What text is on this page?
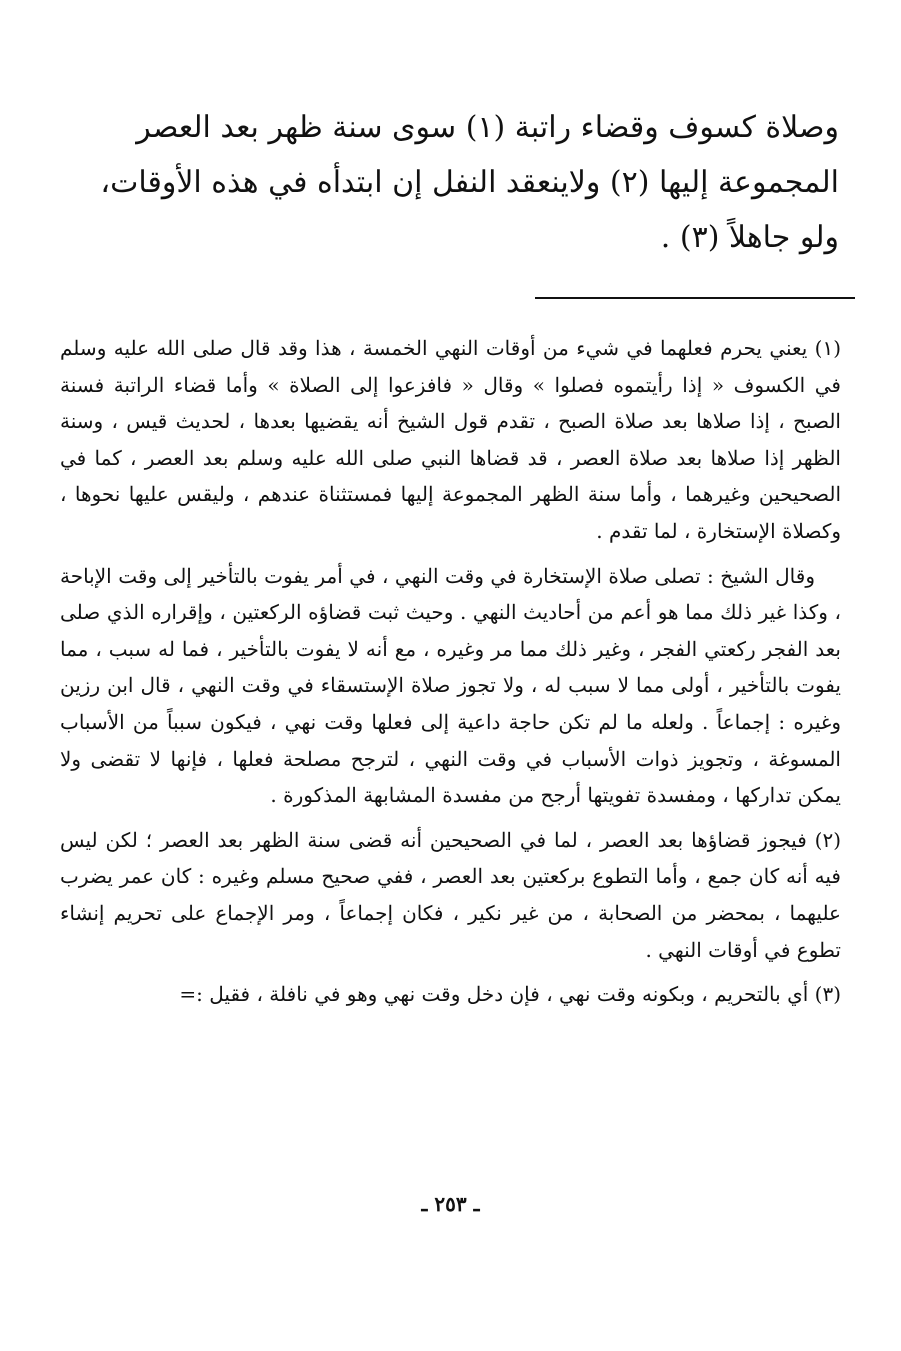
وصلاة كسوف وقضاء راتبة (١) سوى سنة ظهر بعد العصر

المجموعة إليها (٢) ولاينعقد النفل إن ابتدأه في هذه الأوقات،

ولو جاهلاً (٣) .

(١) يعني يحرم فعلهما في شيء من أوقات النهي الخمسة ، هذا وقد قال صلى الله عليه وسلم في الكسوف « إذا رأيتموه فصلوا » وقال « فافزعوا إلى الصلاة » وأما قضاء الراتبة فسنة الصبح ، إذا صلاها بعد صلاة الصبح ، تقدم قول الشيخ أنه يقضيها بعدها ، لحديث قيس ، وسنة الظهر إذا صلاها بعد صلاة العصر ، قد قضاها النبي صلى الله عليه وسلم بعد العصر ، كما في الصحيحين وغيرهما ، وأما سنة الظهر المجموعة إليها فمستثناة عندهم ، وليقس عليها نحوها ، وكصلاة الإستخارة ، لما تقدم .

وقال الشيخ : تصلى صلاة الإستخارة في وقت النهي ، في أمر يفوت بالتأخير إلى وقت الإباحة ، وكذا غير ذلك مما هو أعم من أحاديث النهي . وحيث ثبت قضاؤه الركعتين ، وإقراره الذي صلى بعد الفجر ركعتي الفجر ، وغير ذلك مما مر وغيره ، مع أنه لا يفوت بالتأخير ، فما له سبب ، مما يفوت بالتأخير ، أولى مما لا سبب له ، ولا تجوز صلاة الإستسقاء في وقت النهي ، قال ابن رزين وغيره : إجماعاً . ولعله ما لم تكن حاجة داعية إلى فعلها وقت نهي ، فيكون سبباً من الأسباب المسوغة ، وتجويز ذوات الأسباب في وقت النهي ، لترجح مصلحة فعلها ، فإنها لا تقضى ولا يمكن تداركها ، ومفسدة تفويتها أرجح من مفسدة المشابهة المذكورة .

(٢) فيجوز قضاؤها بعد العصر ، لما في الصحيحين أنه قضى سنة الظهر بعد العصر ؛ لكن ليس فيه أنه كان جمع ، وأما التطوع بركعتين بعد العصر ، ففي صحيح مسلم وغيره : كان عمر يضرب عليهما ، بمحضر من الصحابة ، من غير نكير ، فكان إجماعاً ، ومر الإجماع على تحريم إنشاء تطوع في أوقات النهي .

(٣) أي بالتحريم ، وبكونه وقت نهي ، فإن دخل وقت نهي وهو في نافلة ، فقيل :=

ـ ٢٥٣ ـ
